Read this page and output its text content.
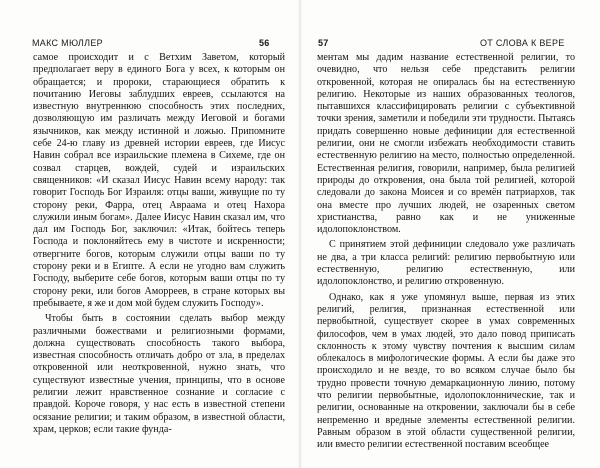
МАКС МЮЛЛЕР	56

самое происходит и с Ветхим Заветом, который предполагает веру в единого Бога у всех, к которым он обращается; и пророки, старающиеся обратить к почитанию Иеговы заблудших евреев, ссылаются на известную внутреннюю способность этих последних, дозволяющую им различать между Иеговой и богами язычников, как между истинной и ложью. Припомните себе 24-ю главу из древней истории евреев, где Иисус Навин собрал все израильские племена в Сихеме, где он созвал старцев, вождей, судей и израильских священников: «И сказал Иисус Навин всему народу: так говорит Господь Бог Израиля: отцы ваши, живущие по ту сторону реки, Фарра, отец Авраама и отец Нахора служили иным богам». Далее Иисус Навин сказал им, что дал им Господь Бог, заключил: «Итак, бойтесь теперь Господа и поклоняйтесь ему в чистоте и искренности; отвергните богов, которым служили отцы ваши по ту сторону реки и в Египте. А если не угодно вам служить Господу, выберите себе богов, которым ваши отцы по ту сторону реки, или богов Аморреев, в стране которых вы пребываете, я же и дом мой будем служить Господу».

Чтобы быть в состоянии сделать выбор между различными божествами и религиозными формами, должна существовать способность такого выбора, известная способность отличать добро от зла, в пределах откровенной или неоткровенной, нужно знать, что существуют известные учения, принципы, что в основе религии лежит нравственное сознание и согласие с правдой. Короче говоря, у нас есть в известной степени осязание религии; и таким образом, в известной области, храм, церков; если такие фунда-

57	ОТ СЛОВА К ВЕРЕ

ментам мы дадим название естественной религии, то очевидно, что нельзя себе представить религии откровенной, которая не опиралась бы на естественную религию. Некоторые из наших образованных теологов, пытавшихся классифицировать религии с субъективной точки зрения, заметили и победили эти трудности. Пытаясь придать совершенно новые дефиниции для естественной религии, они не смогли избежать необходимости ставить естественную религию на место, полностью определенной. Естественная религия, говорили, например, была религией природы до откровения, она была той религией, которой следовали до закона Моисея и со времён патриархов, так она вместе про лучших людей, не озаренных светом христианства, равно как и не униженные идолопоклонством.

С принятием этой дефиниции следовало уже различать не два, а три класса религий: религию первобытную или естественную, религию естественную, или идолопоклонство, и религию откровенную.

Однако, как я уже упомянул выше, первая из этих религий, религия, признанная естественной или первобытной, существует скорее в умах современных философов, чем в умах людей, это дало повод приписать склонность к этому чувству почтения к высшим силам облекалось в мифологические формы. А если бы даже это происходило и не везде, то во всяком случае было бы трудно провести точную демаркационную линию, потому что религии первобытные, идолопоклоннические, так и религии, основанные на откровении, заключали бы в себе непременно и вредные элементы естественной религии. Равным образом в этой области существенной религии, или вместо религии естественной поставим всеобщее
